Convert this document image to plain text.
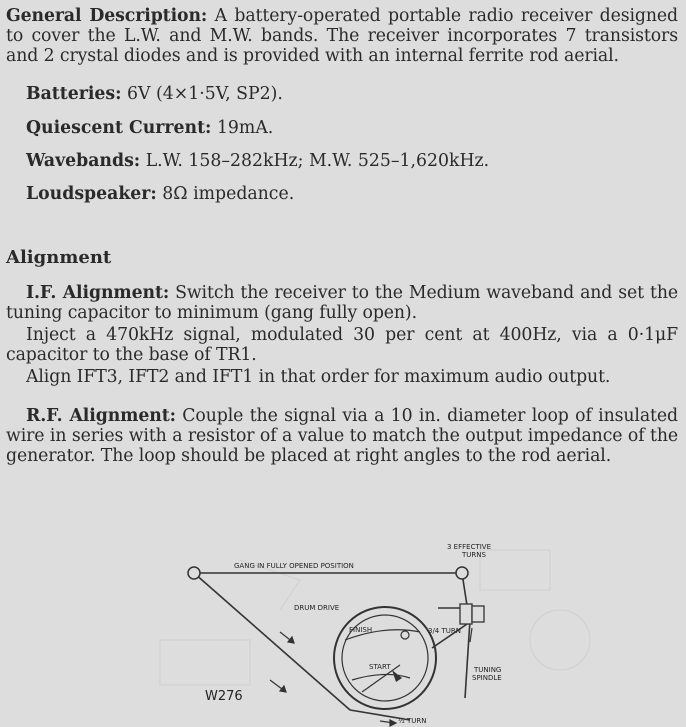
General Description: A battery-operated portable radio receiver designed to cover the L.W. and M.W. bands. The receiver incorporates 7 transistors and 2 crystal diodes and is provided with an internal ferrite rod aerial.

Batteries: 6V (4×1·5V, SP2).

Quiescent Current: 19mA.

Wavebands: L.W. 158–282kHz; M.W. 525–1,620kHz.

Loudspeaker: 8Ω impedance.

Alignment

I.F. Alignment: Switch the receiver to the Medium waveband and set the tuning capacitor to minimum (gang fully open).

Inject a 470kHz signal, modulated 30 per cent at 400Hz, via a 0·1μF capacitor to the base of TR1.

Align IFT3, IFT2 and IFT1 in that order for maximum audio output.

R.F. Alignment: Couple the signal via a 10 in. diameter loop of insulated wire in series with a resistor of a value to match the output impedance of the generator. The loop should be placed at right angles to the rod aerial.

GANG IN FULLY OPENED POSITION
DRUM DRIVE
FINISH
START
3/4 TURN
3 EFFECTIVE
TURNS
TUNING
SPINDLE
½ TURN
W276
